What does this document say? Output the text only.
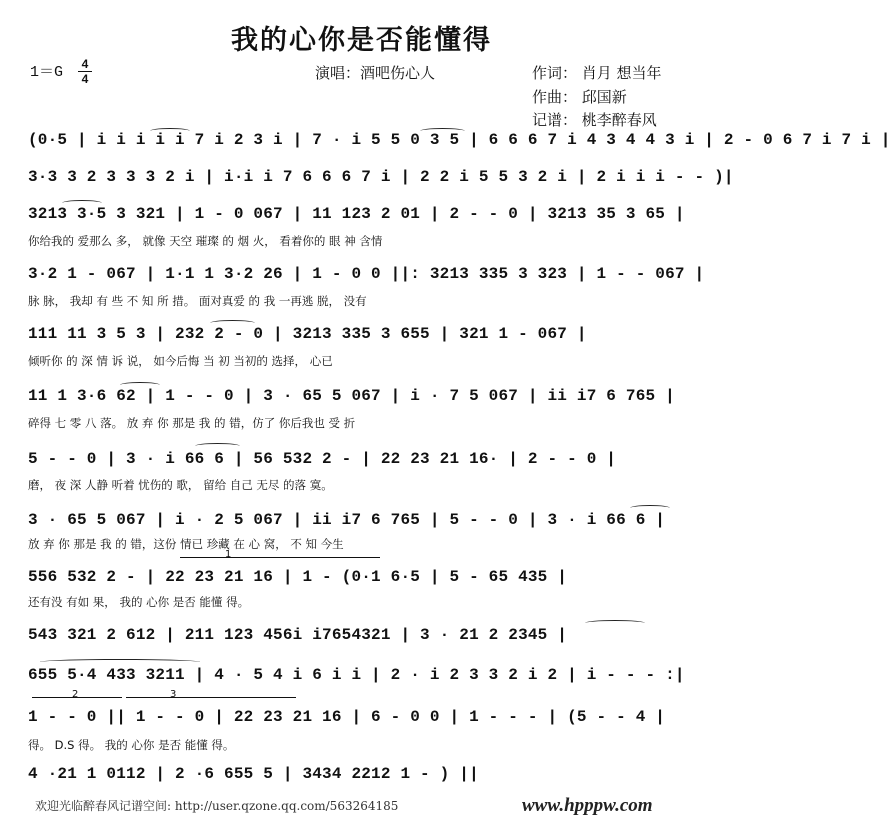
我的心你是否能懂得
1＝G	4
4	演唱：酒吧伤心人	作词： 肖月 想当年
作曲： 邱国新
记谱： 桃李醉春风
(0·5 | i i i i i 7 i 2 3 i | 7 · i 5 5 0 3 5 | 6 6 6 7 i 4 3 4 4 3 i | 2 - 0 6 7 i 7 i |
3·3 3 2 3 3 3 2 i | i·i i 7 6 6 6 7 i | 2 2 i 5 5 3 2 i | 2 i i i - - )|
3213 3·5 3 321 | 1 - 0 067 | 11 123 2 01 | 2 - - 0 | 3213 35 3 65 |
你给我的 爱那么 多， 就像 天空 璀璨 的 烟 火， 看着你的 眼 神 含情
3·2 1 - 067 | 1·1 1 3·2 26 | 1 - 0 0 ||: 3213 335 3 323 | 1 - - 067 |
脉 脉， 我却 有 些 不 知 所 措。 面对真爱 的 我 一再逃 脱， 没有
111 11 3 5 3 | 232 2 - 0 | 3213 335 3 655 | 321 1 - 067 |
倾听你 的 深 情 诉 说， 如今后悔 当 初 当初的 选择， 心已
11 1 3·6 62 | 1 - - 0 | 3 · 65 5 067 | i · 7 5 067 | ii i7 6 765 |
碎得 七 零 八 落。 放 弃 你 那是 我 的 错，仿了 你后我也 受 折
5 - - 0 | 3 · i 66 6 | 56 532 2 - | 22 23 21 16· | 2 - - 0 |
磨， 夜 深 人静 听着 忧伤的 歌， 留给 自己 无尽 的落 寞。
3 · 65 5 067 | i · 2 5 067 | ii i7 6 765 | 5 - - 0 | 3 · i 66 6 |
放 弃 你 那是 我 的 错，这份 情已 珍藏 在 心 窝， 不 知 今生
1
556 532 2 - | 22 23 21 16 | 1 - (0·1 6·5 | 5 - 65 435 |
还有没 有如 果， 我的 心你 是否 能懂 得。
543 321 2 612 | 211 123 456i i7654321 | 3 · 21 2 2345 |
655 5·4 433 3211 | 4 · 5 4 i 6 i i | 2 · i 2 3 3 2 i 2 | i - - - :|
2	3
1 - - 0 || 1 - - 0 | 22 23 21 16 | 6 - 0 0 | 1 - - - | (5 - - 4 |
得。 D.S 得。 我的 心你 是否 能懂 得。
4 ·21 1 0112 | 2 ·6 655 5 | 3434 2212 1 - ) ||
欢迎光临醉春风记谱空间: http://user.qzone.qq.com/563264185	www.hpppw.com
